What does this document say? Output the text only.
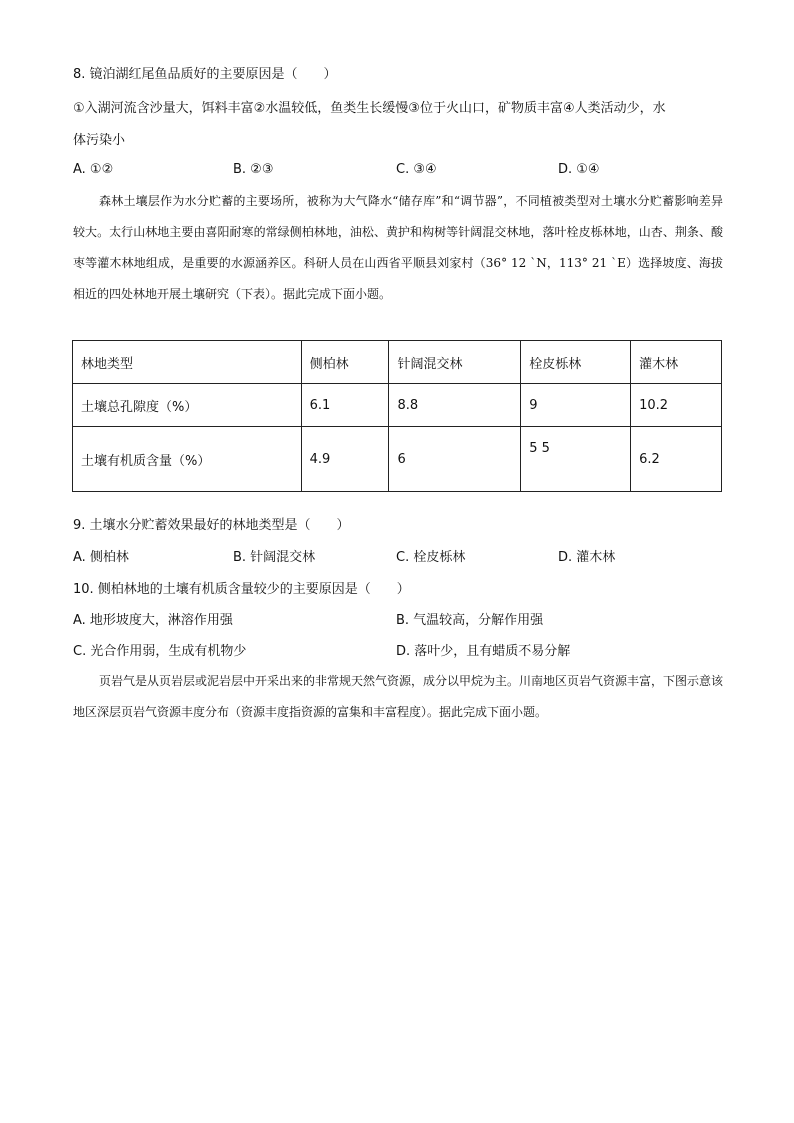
8. 镜泊湖红尾鱼品质好的主要原因是（　　）
①入湖河流含沙量大，饵料丰富②水温较低，鱼类生长缓慢③位于火山口，矿物质丰富④人类活动少，水
体污染小
A. ①②	B. ②③	C. ③④	D. ①④
森林土壤层作为水分贮蓄的主要场所，被称为大气降水“储存库”和“调节器”，不同植被类型对土壤水分贮蓄影响差异较大。太行山林地主要由喜阳耐寒的常绿侧柏林地，油松、黄护和构树等针阔混交林地，落叶栓皮栎林地，山杏、荆条、酸枣等灌木林地组成，是重要的水源涵养区。科研人员在山西省平顺县刘家村（36° 12 `N，113° 21 `E）选择坡度、海拔相近的四处林地开展土壤研究（下表）。据此完成下面小题。
林地类型	侧柏林	针阔混交林	栓皮栎林	灌木林
土壤总孔隙度（%）	6.1	8.8	9	10.2
土壤有机质含量（%）	4.9	6	5 5	6.2
9. 土壤水分贮蓄效果最好的林地类型是（　　）
A. 侧柏林	B. 针阔混交林	C. 栓皮栎林	D. 灌木林
10. 侧柏林地的土壤有机质含量较少的主要原因是（　　）
A. 地形坡度大，淋溶作用强	B. 气温较高，分解作用强
C. 光合作用弱，生成有机物少	D. 落叶少，且有蜡质不易分解
页岩气是从页岩层或泥岩层中开采出来的非常规天然气资源，成分以甲烷为主。川南地区页岩气资源丰富，下图示意该地区深层页岩气资源丰度分布（资源丰度指资源的富集和丰富程度）。据此完成下面小题。
